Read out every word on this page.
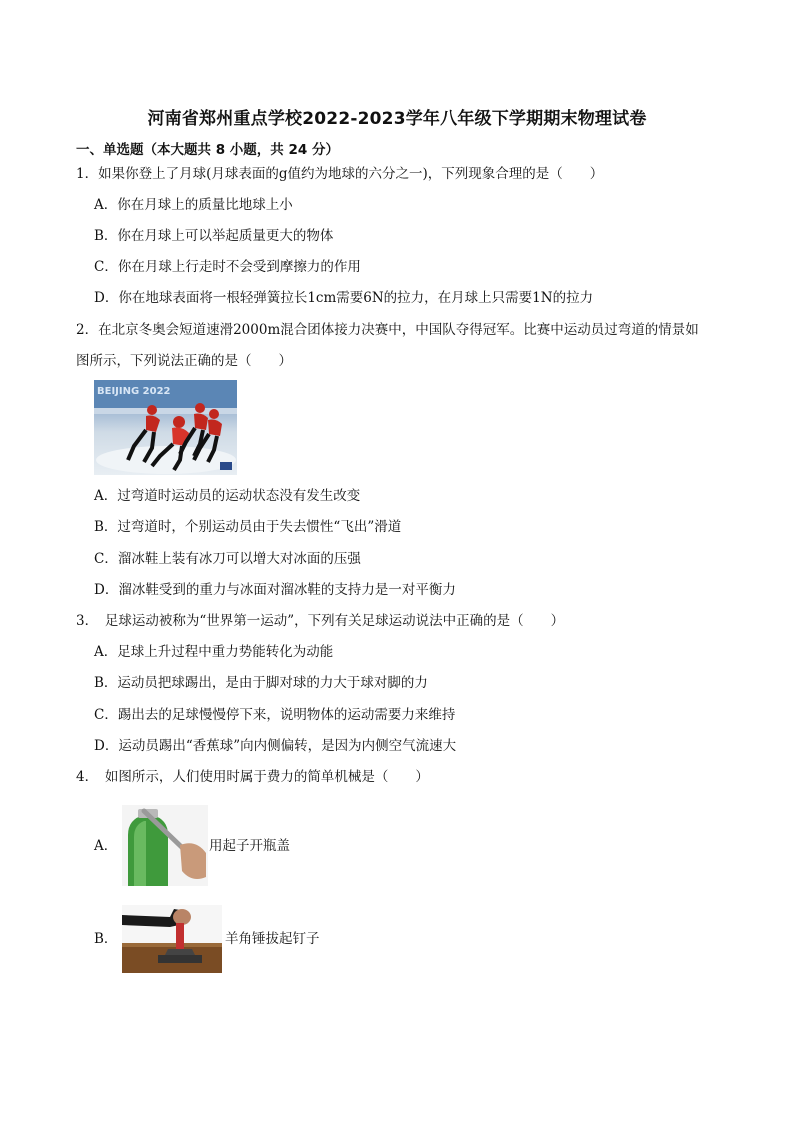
河南省郑州重点学校2022-2023学年八年级下学期期末物理试卷
一、单选题（本大题共 8 小题，共 24 分）
1．如果你登上了月球(月球表面的g值约为地球的六分之一)，下列现象合理的是（　　）
A．你在月球上的质量比地球上小
B．你在月球上可以举起质量更大的物体
C．你在月球上行走时不会受到摩擦力的作用
D．你在地球表面将一根轻弹簧拉长1cm需要6N的拉力，在月球上只需要1N的拉力
2．在北京冬奥会短道速滑2000m混合团体接力决赛中，中国队夺得冠军。比赛中运动员过弯道的情景如
图所示，下列说法正确的是（　　）
BEIJING 2022
A．过弯道时运动员的运动状态没有发生改变
B．过弯道时，个别运动员由于失去惯性“飞出”滑道
C．溜冰鞋上装有冰刀可以增大对冰面的压强
D．溜冰鞋受到的重力与冰面对溜冰鞋的支持力是一对平衡力
3．　足球运动被称为“世界第一运动”，下列有关足球运动说法中正确的是（　　）
A．足球上升过程中重力势能转化为动能
B．运动员把球踢出，是由于脚对球的力大于球对脚的力
C．踢出去的足球慢慢停下来，说明物体的运动需要力来维持
D．运动员踢出“香蕉球”向内侧偏转，是因为内侧空气流速大
4．　如图所示，人们使用时属于费力的简单机械是（　　）
A．	用起子开瓶盖
B．	羊角锤拔起钉子
